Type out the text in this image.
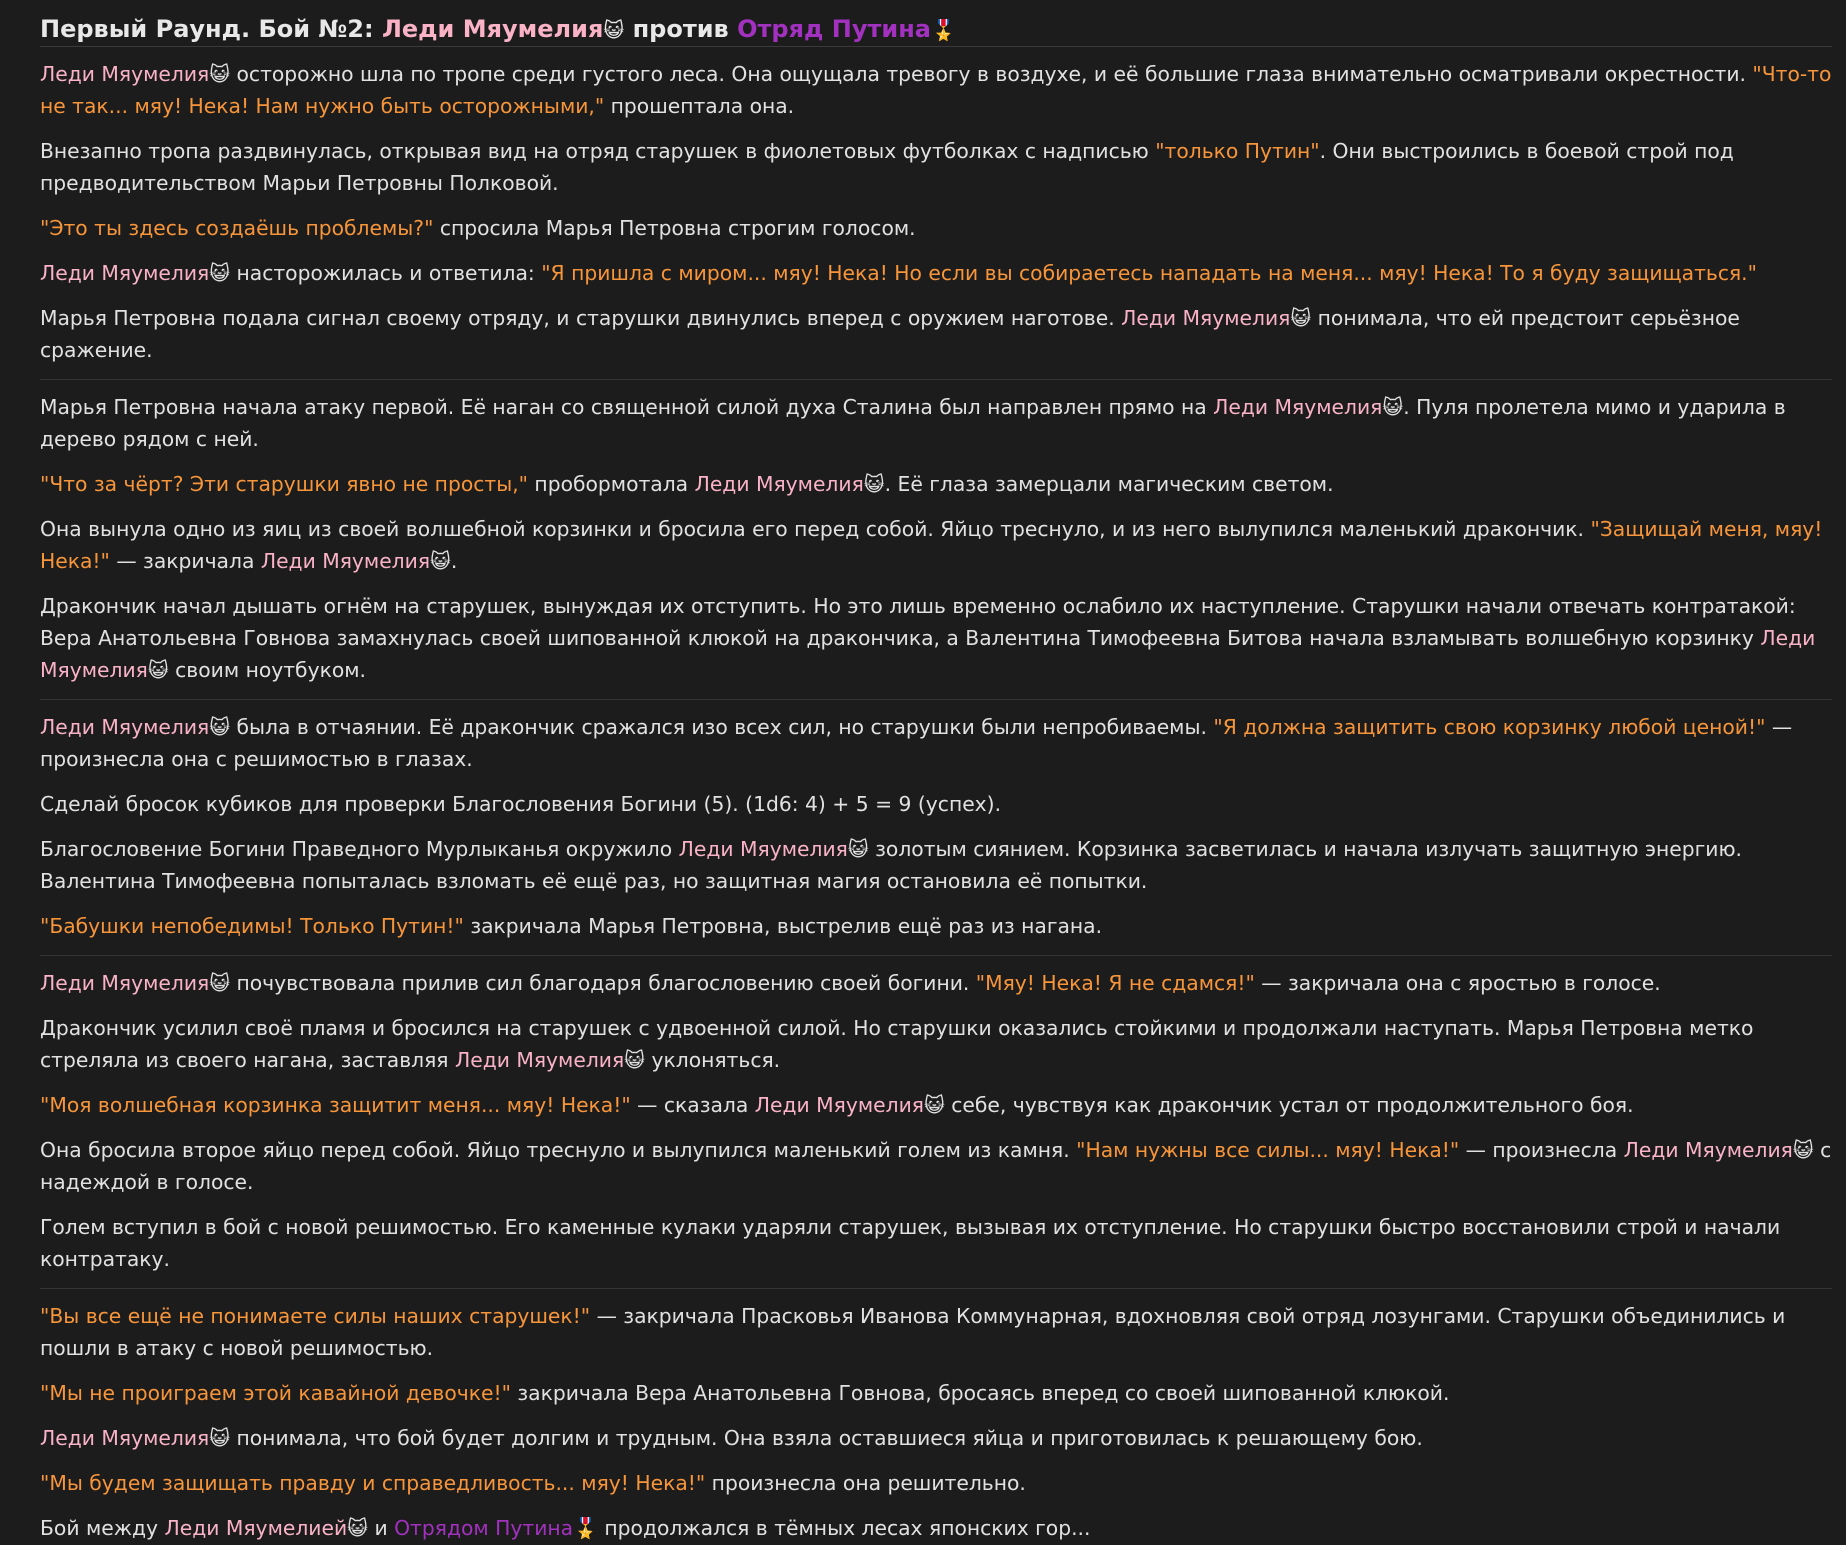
Первый Раунд. Бой №2: Леди Мяумелия😺 против Отряд Путина🎖️

Леди Мяумелия😺 осторожно шла по тропе среди густого леса. Она ощущала тревогу в воздухе, и её большие глаза внимательно осматривали окрестности. "Что-то не так... мяу! Нека! Нам нужно быть осторожными," прошептала она.

Внезапно тропа раздвинулась, открывая вид на отряд старушек в фиолетовых футболках с надписью "только Путин". Они выстроились в боевой строй под предводительством Марьи Петровны Полковой.

"Это ты здесь создаёшь проблемы?" спросила Марья Петровна строгим голосом.

Леди Мяумелия😺 насторожилась и ответила: "Я пришла с миром... мяу! Нека! Но если вы собираетесь нападать на меня... мяу! Нека! То я буду защищаться."

Марья Петровна подала сигнал своему отряду, и старушки двинулись вперед с оружием наготове. Леди Мяумелия😺 понимала, что ей предстоит серьёзное сражение.

Марья Петровна начала атаку первой. Её наган со священной силой духа Сталина был направлен прямо на Леди Мяумелия😺. Пуля пролетела мимо и ударила в дерево рядом с ней.

"Что за чёрт? Эти старушки явно не просты," пробормотала Леди Мяумелия😺. Её глаза замерцали магическим светом.

Она вынула одно из яиц из своей волшебной корзинки и бросила его перед собой. Яйцо треснуло, и из него вылупился маленький дракончик. "Защищай меня, мяу! Нека!" — закричала Леди Мяумелия😺.

Дракончик начал дышать огнём на старушек, вынуждая их отступить. Но это лишь временно ослабило их наступление. Старушки начали отвечать контратакой: Вера Анатольевна Говнова замахнулась своей шипованной клюкой на дракончика, а Валентина Тимофеевна Битова начала взламывать волшебную корзинку Леди Мяумелия😺 своим ноутбуком.

Леди Мяумелия😺 была в отчаянии. Её дракончик сражался изо всех сил, но старушки были непробиваемы. "Я должна защитить свою корзинку любой ценой!" — произнесла она с решимостью в глазах.

Сделай бросок кубиков для проверки Благословения Богини (5). (1d6: 4) + 5 = 9 (успех).

Благословение Богини Праведного Мурлыканья окружило Леди Мяумелия😺 золотым сиянием. Корзинка засветилась и начала излучать защитную энергию. Валентина Тимофеевна попыталась взломать её ещё раз, но защитная магия остановила её попытки.

"Бабушки непобедимы! Только Путин!" закричала Марья Петровна, выстрелив ещё раз из нагана.

Леди Мяумелия😺 почувствовала прилив сил благодаря благословению своей богини. "Мяу! Нека! Я не сдамся!" — закричала она с яростью в голосе.

Дракончик усилил своё пламя и бросился на старушек с удвоенной силой. Но старушки оказались стойкими и продолжали наступать. Марья Петровна метко стреляла из своего нагана, заставляя Леди Мяумелия😺 уклоняться.

"Моя волшебная корзинка защитит меня... мяу! Нека!" — сказала Леди Мяумелия😺 себе, чувствуя как дракончик устал от продолжительного боя.

Она бросила второе яйцо перед собой. Яйцо треснуло и вылупился маленький голем из камня. "Нам нужны все силы... мяу! Нека!" — произнесла Леди Мяумелия😺 с надеждой в голосе.

Голем вступил в бой с новой решимостью. Его каменные кулаки ударяли старушек, вызывая их отступление. Но старушки быстро восстановили строй и начали контратаку.

"Вы все ещё не понимаете силы наших старушек!" — закричала Прасковья Иванова Коммунарная, вдохновляя свой отряд лозунгами. Старушки объединились и пошли в атаку с новой решимостью.

"Мы не проиграем этой кавайной девочке!" закричала Вера Анатольевна Говнова, бросаясь вперед со своей шипованной клюкой.

Леди Мяумелия😺 понимала, что бой будет долгим и трудным. Она взяла оставшиеся яйца и приготовилась к решающему бою.

"Мы будем защищать правду и справедливость... мяу! Нека!" произнесла она решительно.

Бой между Леди Мяумелией😺 и Отрядом Путина🎖️ продолжался в тёмных лесах японских гор...
